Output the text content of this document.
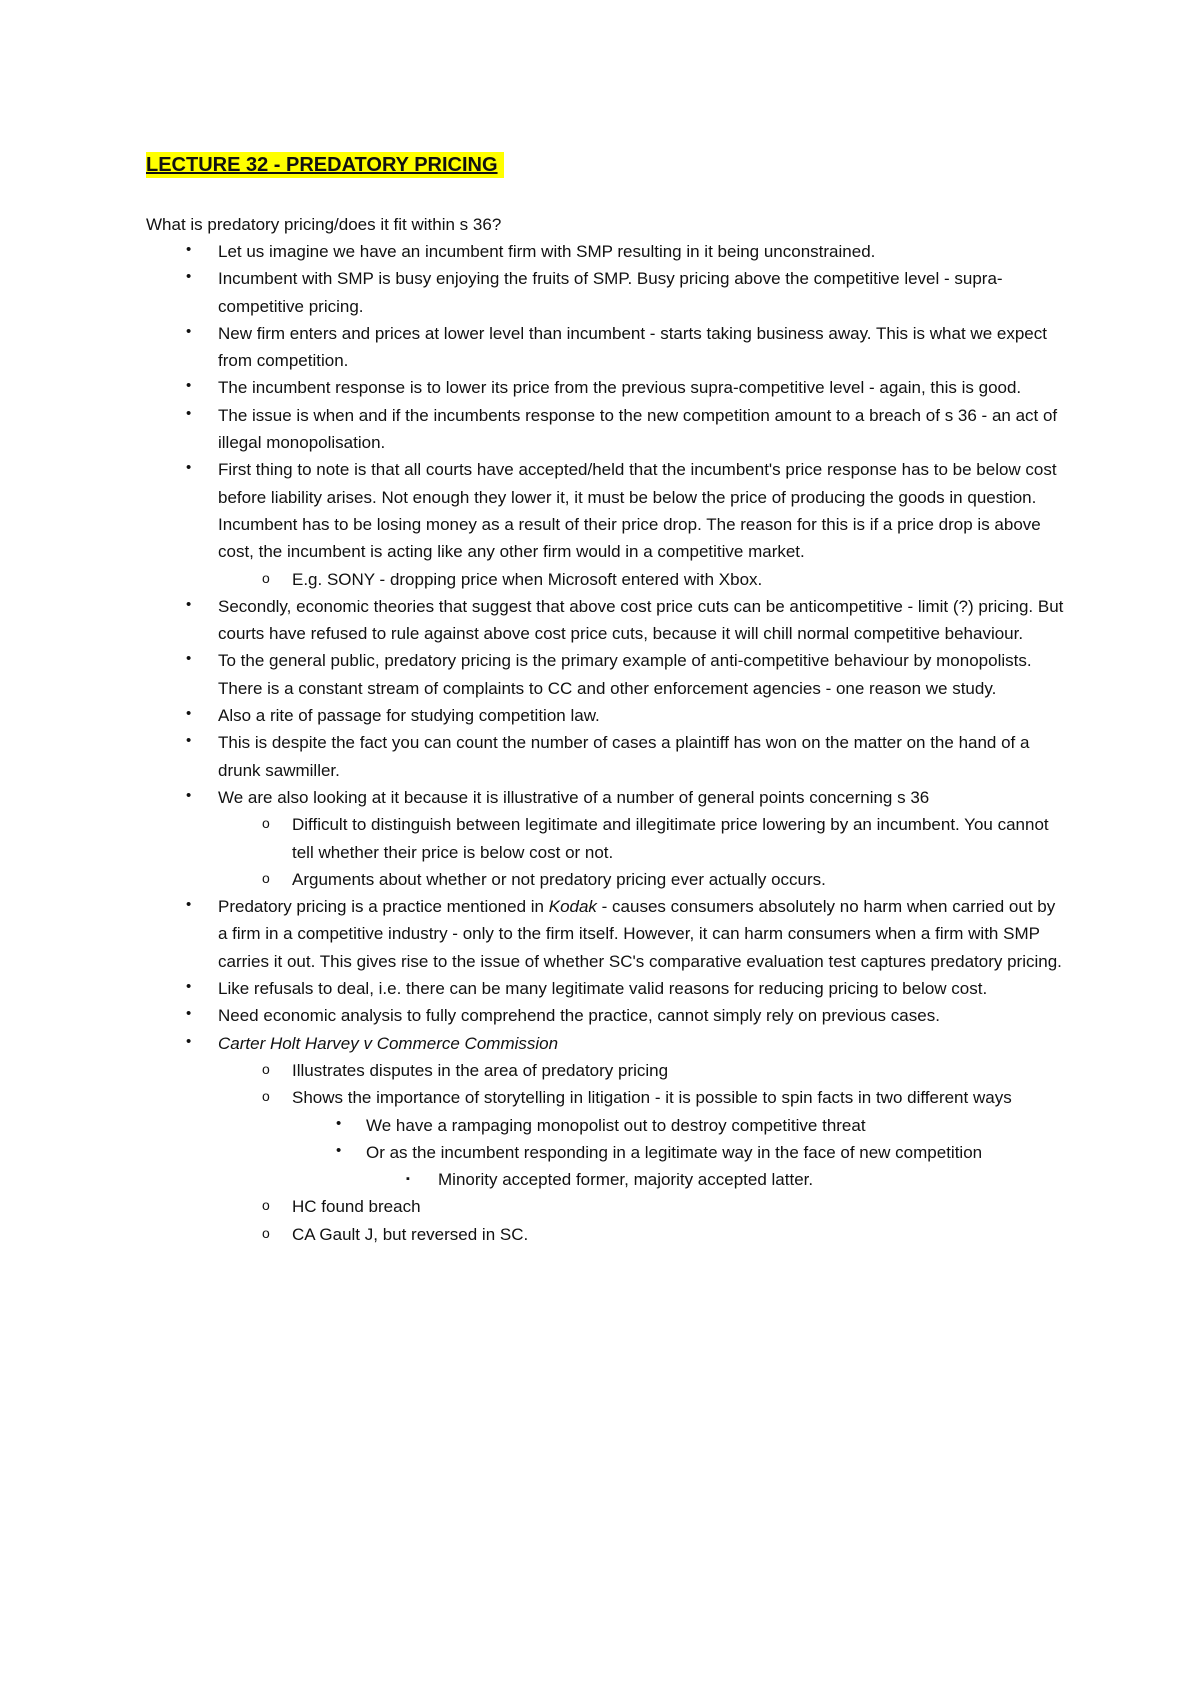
LECTURE 32 - PREDATORY PRICING
What is predatory pricing/does it fit within s 36?
• Let us imagine we have an incumbent firm with SMP resulting in it being unconstrained.
• Incumbent with SMP is busy enjoying the fruits of SMP. Busy pricing above the competitive level - supra-competitive pricing.
• New firm enters and prices at lower level than incumbent - starts taking business away. This is what we expect from competition.
• The incumbent response is to lower its price from the previous supra-competitive level - again, this is good.
• The issue is when and if the incumbents response to the new competition amount to a breach of s 36 - an act of illegal monopolisation.
• First thing to note is that all courts have accepted/held that the incumbent's price response has to be below cost before liability arises. Not enough they lower it, it must be below the price of producing the goods in question. Incumbent has to be losing money as a result of their price drop. The reason for this is if a price drop is above cost, the incumbent is acting like any other firm would in a competitive market.
o E.g. SONY - dropping price when Microsoft entered with Xbox.
• Secondly, economic theories that suggest that above cost price cuts can be anticompetitive - limit (?) pricing. But courts have refused to rule against above cost price cuts, because it will chill normal competitive behaviour.
• To the general public, predatory pricing is the primary example of anti-competitive behaviour by monopolists. There is a constant stream of complaints to CC and other enforcement agencies - one reason we study.
• Also a rite of passage for studying competition law.
• This is despite the fact you can count the number of cases a plaintiff has won on the matter on the hand of a drunk sawmiller.
• We are also looking at it because it is illustrative of a number of general points concerning s 36
o Difficult to distinguish between legitimate and illegitimate price lowering by an incumbent. You cannot tell whether their price is below cost or not.
o Arguments about whether or not predatory pricing ever actually occurs.
• Predatory pricing is a practice mentioned in Kodak - causes consumers absolutely no harm when carried out by a firm in a competitive industry - only to the firm itself. However, it can harm consumers when a firm with SMP carries it out. This gives rise to the issue of whether SC's comparative evaluation test captures predatory pricing.
• Like refusals to deal, i.e. there can be many legitimate valid reasons for reducing pricing to below cost.
• Need economic analysis to fully comprehend the practice, cannot simply rely on previous cases.
• Carter Holt Harvey v Commerce Commission
o Illustrates disputes in the area of predatory pricing
o Shows the importance of storytelling in litigation - it is possible to spin facts in two different ways
• We have a rampaging monopolist out to destroy competitive threat
• Or as the incumbent responding in a legitimate way in the face of new competition
▪ Minority accepted former, majority accepted latter.
o HC found breach
o CA Gault J, but reversed in SC.
